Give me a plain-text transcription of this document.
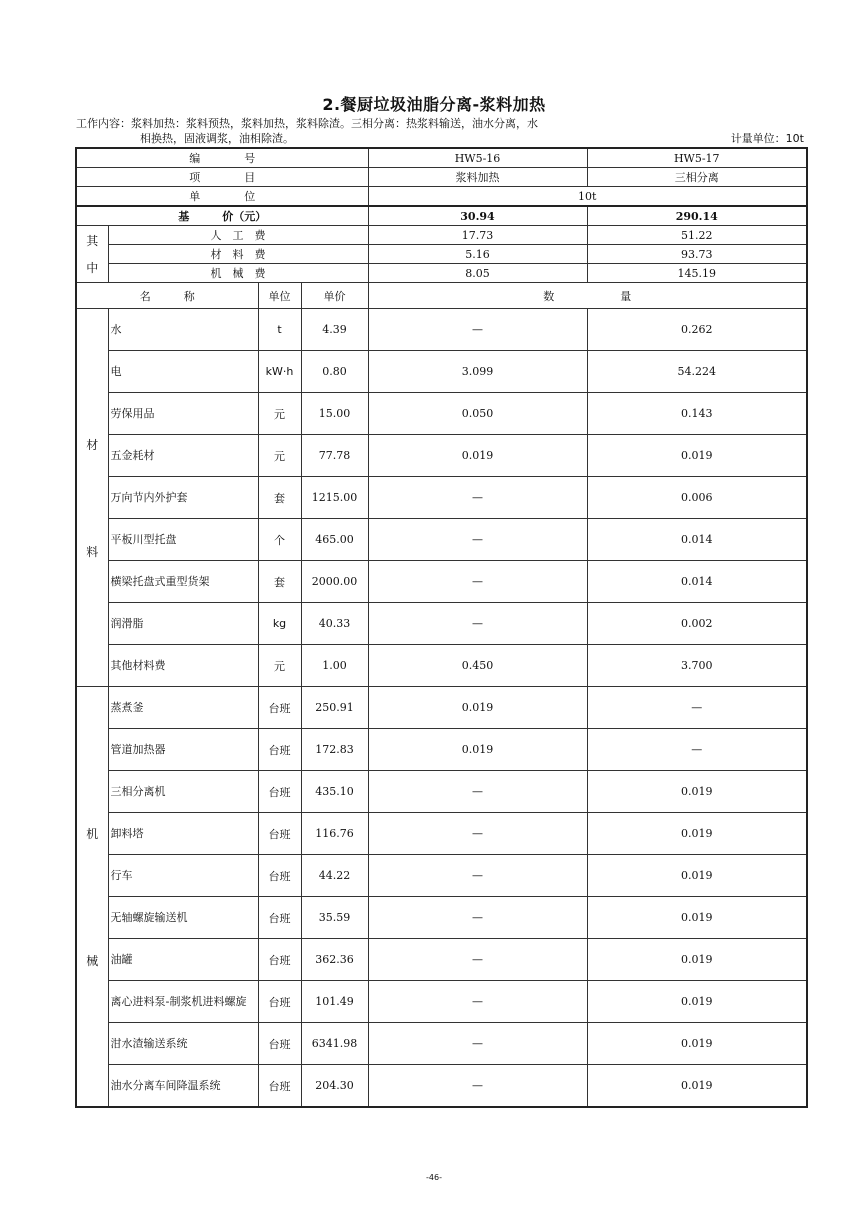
2.餐厨垃圾油脂分离-浆料加热
工作内容：浆料加热：浆料预热，浆料加热，浆料除渣。三相分离：热浆料输送，油水分离，水
相换热，固液调浆，油相除渣。	计量单位：10t
编　　　　号				HW5-16	HW5-17
项　　　　目				浆料加热	三相分离
单　　　　位				10t	
基　　　价（元）				30.94	290.14

其
中	人　工　费			17.73	51.22
	材　料　费			5.16	93.73
	机　械　费			8.05	145.19
名　　　称		单位	单价	数　　　　　　量	

材
料	水	t	4.39	—	0.262
	电	kW·h	0.80	3.099	54.224
	劳保用品	元	15.00	0.050	0.143
	五金耗材	元	77.78	0.019	0.019
	万向节内外护套	套	1215.00	—	0.006
	平板川型托盘	个	465.00	—	0.014
	横梁托盘式重型货架	套	2000.00	—	0.014
	润滑脂	kg	40.33	—	0.002
	其他材料费	元	1.00	0.450	3.700

机
械	蒸煮釜	台班	250.91	0.019	—
	管道加热器	台班	172.83	0.019	—
	三相分离机	台班	435.10	—	0.019
	卸料塔	台班	116.76	—	0.019
	行车	台班	44.22	—	0.019
	无轴螺旋输送机	台班	35.59	—	0.019
	油罐	台班	362.36	—	0.019
	离心进料泵-制浆机进料螺旋	台班	101.49	—	0.019
	泔水渣输送系统	台班	6341.98	—	0.019
	油水分离车间降温系统	台班	204.30	—	0.019
-46-
